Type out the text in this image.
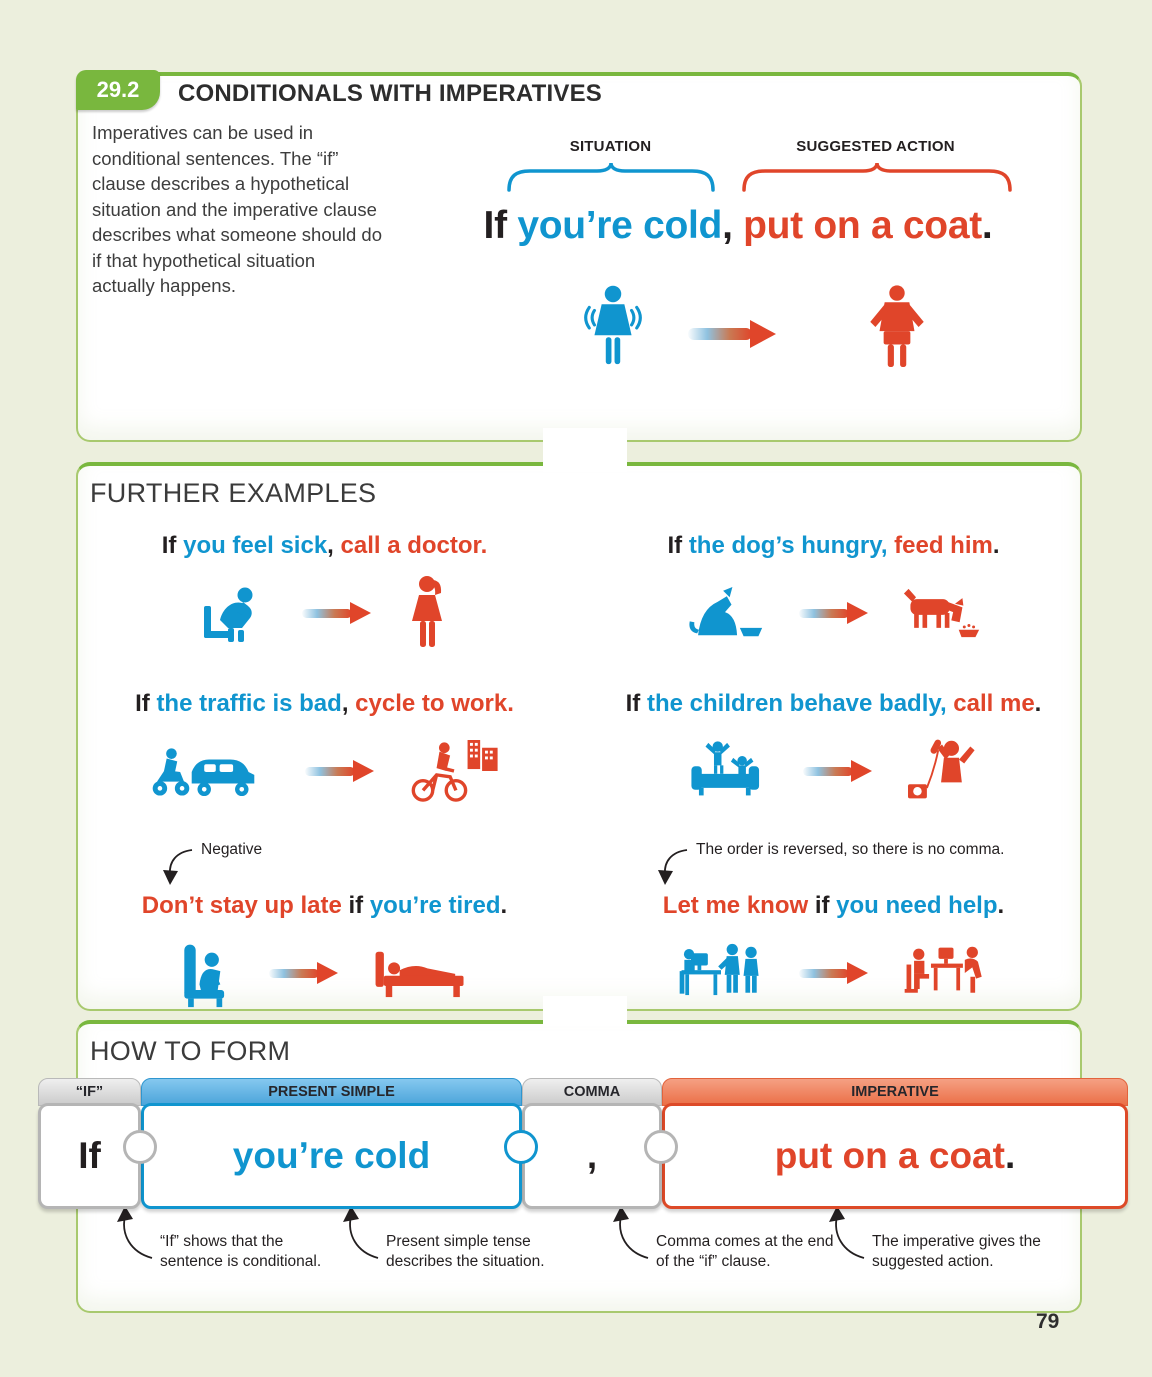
29.2	CONDITIONALS WITH IMPERATIVES
Imperatives can be used in conditional sentences. The “if” clause describes a hypothetical situation and the imperative clause describes what someone should do if that hypothetical situation actually happens.
SITUATION	SUGGESTED ACTION
If you’re cold, put on a coat.
FURTHER EXAMPLES
If you feel sick, call a doctor.	If the dog’s hungry, feed him.
If the traffic is bad, cycle to work.	If the children behave badly, call me.
Negative
Don’t stay up late if you’re tired.
The order is reversed, so there is no comma.
Let me know if you need help.
HOW TO FORM
“IF”
If
PRESENT SIMPLE
you’re cold
COMMA
,
IMPERATIVE
put on a coat .
“If” shows that the sentence is conditional.
Present simple tense describes the situation.
Comma comes at the end of the “if” clause.
The imperative gives the suggested action.
79
